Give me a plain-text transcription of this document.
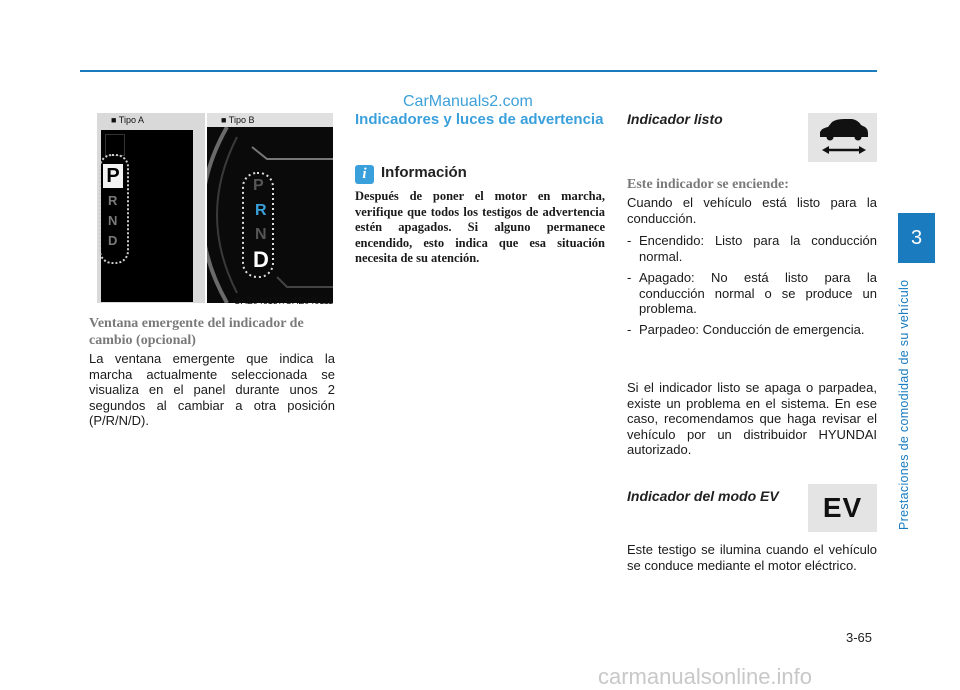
CarManuals2.com
■ Tipo A
P
R
N
D
■ Tipo B
P
R
N
D
OAE046137/OAE046111
Ventana emergente del indicador de cambio (opcional)
La ventana emergente que indica la marcha actualmente seleccionada se visualiza en el panel durante unos 2 segundos al cambiar a otra posición (P/R/N/D).
Indicadores y luces de advertencia
i Información
Después de poner el motor en marcha, verifique que todos los testigos de advertencia estén apagados. Si alguno permanece encendido, esto indica que esa situación necesita de su atención.
Indicador listo
Este indicador se enciende:
Cuando el vehículo está listo para la conducción.
- Encendido: Listo para la conducción normal.
- Apagado: No está listo para la conducción normal o se produce un problema.
- Parpadeo: Conducción de emergencia.
Si el indicador listo se apaga o parpadea, existe un problema en el sistema. En ese caso, recomendamos que haga revisar el vehículo por un distribuidor HYUNDAI autorizado.
Indicador del modo EV	EV
Este testigo se ilumina cuando el vehículo se conduce mediante el motor eléctrico.
3
Prestaciones de comodidad de su vehículo
3-65
carmanualsonline.info
